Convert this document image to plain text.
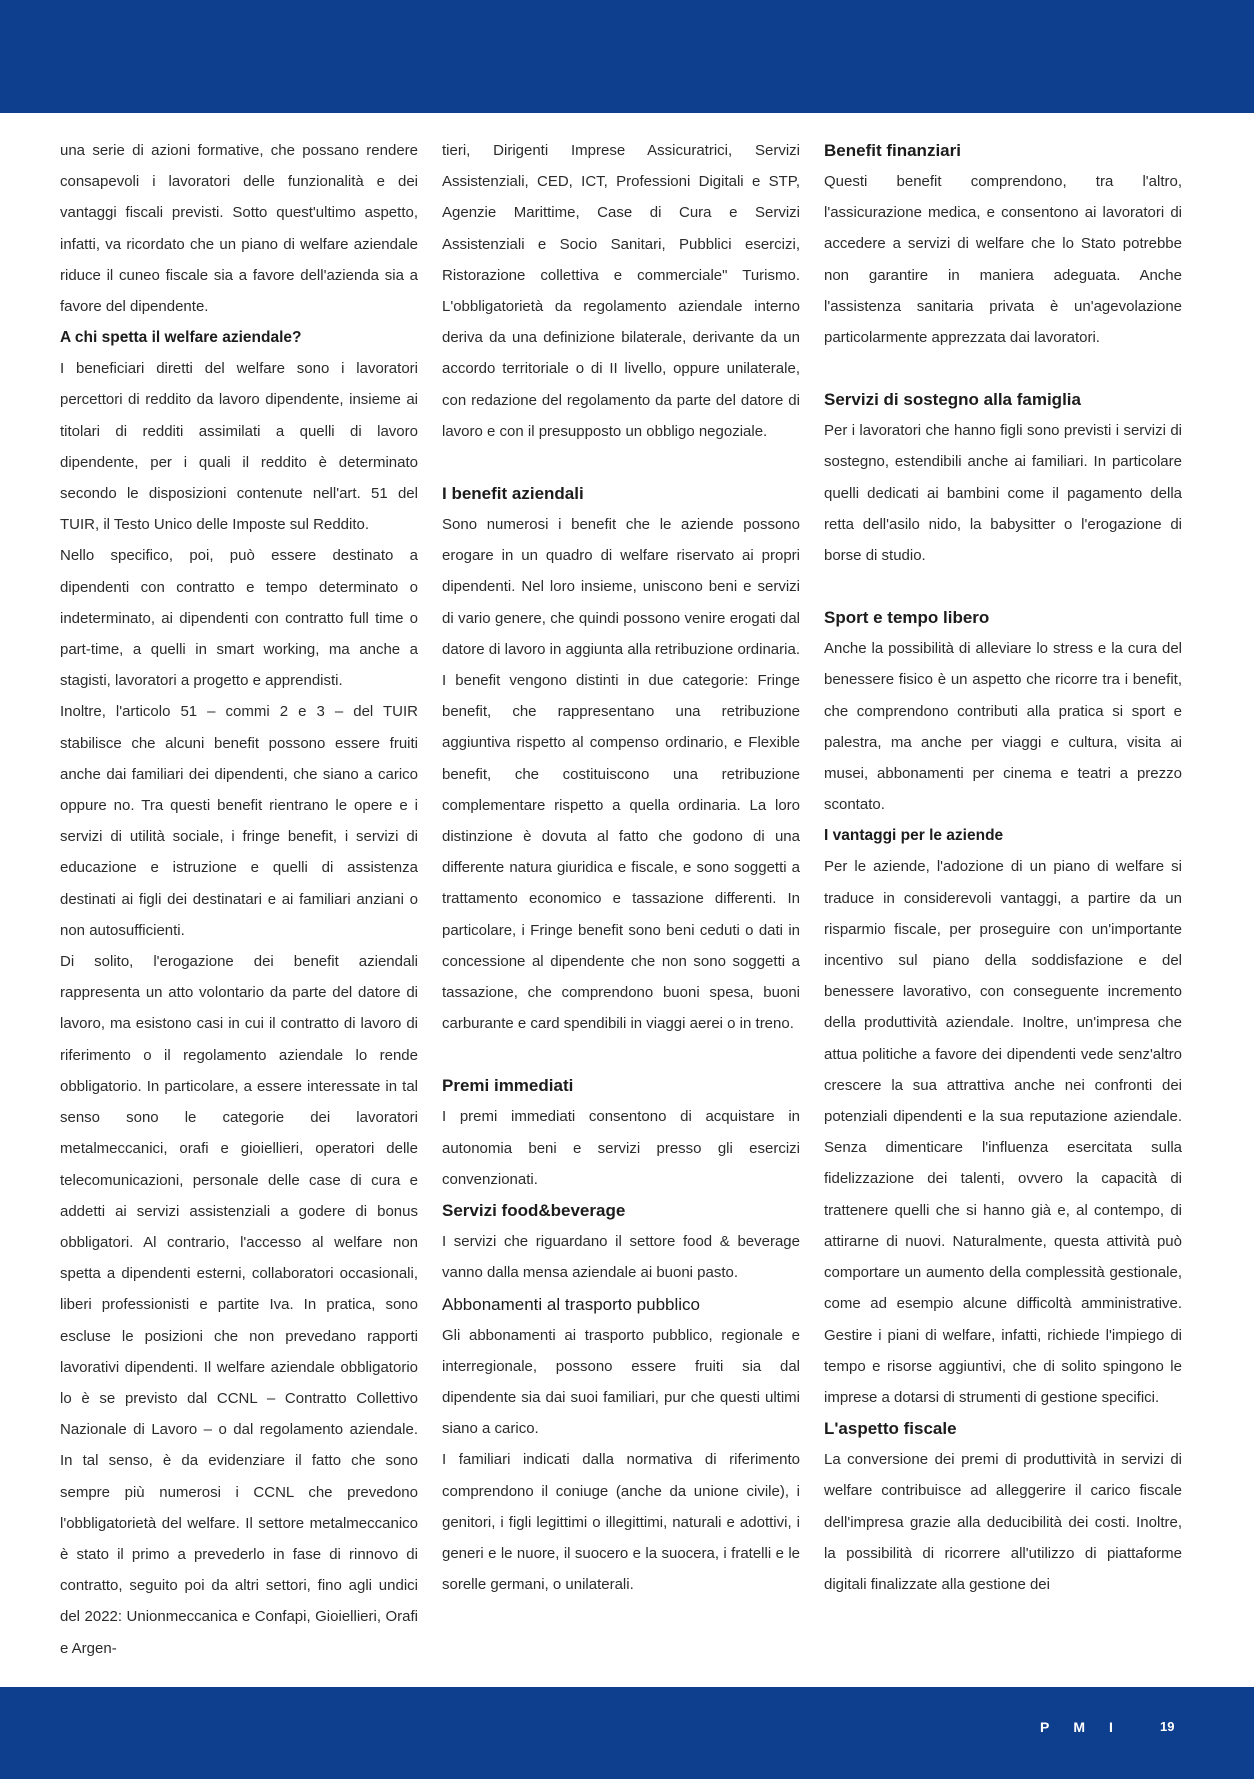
una serie di azioni formative, che possano rendere consapevoli i lavoratori delle funzionalità e dei vantaggi fiscali previsti. Sotto quest'ultimo aspetto, infatti, va ricordato che un piano di welfare aziendale riduce il cuneo fiscale sia a favore dell'azienda sia a favore del dipendente.

A chi spetta il welfare aziendale?

I beneficiari diretti del welfare sono i lavoratori percettori di reddito da lavoro dipendente, insieme ai titolari di redditi assimilati a quelli di lavoro dipendente, per i quali il reddito è determinato secondo le disposizioni contenute nell'art. 51 del TUIR, il Testo Unico delle Imposte sul Reddito.

Nello specifico, poi, può essere destinato a dipendenti con contratto e tempo determinato o indeterminato, ai dipendenti con contratto full time o part-time, a quelli in smart working, ma anche a stagisti, lavoratori a progetto e apprendisti.

Inoltre, l'articolo 51 – commi 2 e 3 – del TUIR stabilisce che alcuni benefit possono essere fruiti anche dai familiari dei dipendenti, che siano a carico oppure no. Tra questi benefit rientrano le opere e i servizi di utilità sociale, i fringe benefit, i servizi di educazione e istruzione e quelli di assistenza destinati ai figli dei destinatari e ai familiari anziani o non autosufficienti.

Di solito, l'erogazione dei benefit aziendali rappresenta un atto volontario da parte del datore di lavoro, ma esistono casi in cui il contratto di lavoro di riferimento o il regolamento aziendale lo rende obbligatorio. In particolare, a essere interessate in tal senso sono le categorie dei lavoratori metalmeccanici, orafi e gioiellieri, operatori delle telecomunicazioni, personale delle case di cura e addetti ai servizi assistenziali a godere di bonus obbligatori. Al contrario, l'accesso al welfare non spetta a dipendenti esterni, collaboratori occasionali, liberi professionisti e partite Iva. In pratica, sono escluse le posizioni che non prevedano rapporti lavorativi dipendenti. Il welfare aziendale obbligatorio lo è se previsto dal CCNL – Contratto Collettivo Nazionale di Lavoro – o dal regolamento aziendale. In tal senso, è da evidenziare il fatto che sono sempre più numerosi i CCNL che prevedono l'obbligatorietà del welfare. Il settore metalmeccanico è stato il primo a prevederlo in fase di rinnovo di contratto, seguito poi da altri settori, fino agli undici del 2022: Unionmeccanica e Confapi, Gioiellieri, Orafi e Argen-

tieri, Dirigenti Imprese Assicuratrici, Servizi Assistenziali, CED, ICT, Professioni Digitali e STP, Agenzie Marittime, Case di Cura e Servizi Assistenziali e Socio Sanitari, Pubblici esercizi, Ristorazione collettiva e commerciale" Turismo. L'obbligatorietà da regolamento aziendale interno deriva da una definizione bilaterale, derivante da un accordo territoriale o di II livello, oppure unilaterale, con redazione del regolamento da parte del datore di lavoro e con il presupposto un obbligo negoziale.

I benefit aziendali

Sono numerosi i benefit che le aziende possono erogare in un quadro di welfare riservato ai propri dipendenti. Nel loro insieme, uniscono beni e servizi di vario genere, che quindi possono venire erogati dal datore di lavoro in aggiunta alla retribuzione ordinaria. I benefit vengono distinti in due categorie: Fringe benefit, che rappresentano una retribuzione aggiuntiva rispetto al compenso ordinario, e Flexible benefit, che costituiscono una retribuzione complementare rispetto a quella ordinaria. La loro distinzione è dovuta al fatto che godono di una differente natura giuridica e fiscale, e sono soggetti a trattamento economico e tassazione differenti. In particolare, i Fringe benefit sono beni ceduti o dati in concessione al dipendente che non sono soggetti a tassazione, che comprendono buoni spesa, buoni carburante e card spendibili in viaggi aerei o in treno.

Premi immediati

I premi immediati consentono di acquistare in autonomia beni e servizi presso gli esercizi convenzionati.

Servizi food&beverage

I servizi che riguardano il settore food & beverage vanno dalla mensa aziendale ai buoni pasto.

Abbonamenti al trasporto pubblico

Gli abbonamenti ai trasporto pubblico, regionale e interregionale, possono essere fruiti sia dal dipendente sia dai suoi familiari, pur che questi ultimi siano a carico.

I familiari indicati dalla normativa di riferimento comprendono il coniuge (anche da unione civile), i genitori, i figli legittimi o illegittimi, naturali e adottivi, i generi e le nuore, il suocero e la suocera, i fratelli e le sorelle germani, o unilaterali.

Benefit finanziari

Questi benefit comprendono, tra l'altro, l'assicurazione medica, e consentono ai lavoratori di accedere a servizi di welfare che lo Stato potrebbe non garantire in maniera adeguata. Anche l'assistenza sanitaria privata è un'agevolazione particolarmente apprezzata dai lavoratori.

Servizi di sostegno alla famiglia

Per i lavoratori che hanno figli sono previsti i servizi di sostegno, estendibili anche ai familiari. In particolare quelli dedicati ai bambini come il pagamento della retta dell'asilo nido, la babysitter o l'erogazione di borse di studio.

Sport e tempo libero

Anche la possibilità di alleviare lo stress e la cura del benessere fisico è un aspetto che ricorre tra i benefit, che comprendono contributi alla pratica si sport e palestra, ma anche per viaggi e cultura, visita ai musei, abbonamenti per cinema e teatri a prezzo scontato.

I vantaggi per le aziende

Per le aziende, l'adozione di un piano di welfare si traduce in considerevoli vantaggi, a partire da un risparmio fiscale, per proseguire con un'importante incentivo sul piano della soddisfazione e del benessere lavorativo, con conseguente incremento della produttività aziendale. Inoltre, un'impresa che attua politiche a favore dei dipendenti vede senz'altro crescere la sua attrattiva anche nei confronti dei potenziali dipendenti e la sua reputazione aziendale. Senza dimenticare l'influenza esercitata sulla fidelizzazione dei talenti, ovvero la capacità di trattenere quelli che si hanno già e, al contempo, di attirarne di nuovi. Naturalmente, questa attività può comportare un aumento della complessità gestionale, come ad esempio alcune difficoltà amministrative. Gestire i piani di welfare, infatti, richiede l'impiego di tempo e risorse aggiuntivi, che di solito spingono le imprese a dotarsi di strumenti di gestione specifici.

L'aspetto fiscale

La conversione dei premi di produttività in servizi di welfare contribuisce ad alleggerire il carico fiscale dell'impresa grazie alla deducibilità dei costi. Inoltre, la possibilità di ricorrere all'utilizzo di piattaforme digitali finalizzate alla gestione dei

PMI 19
